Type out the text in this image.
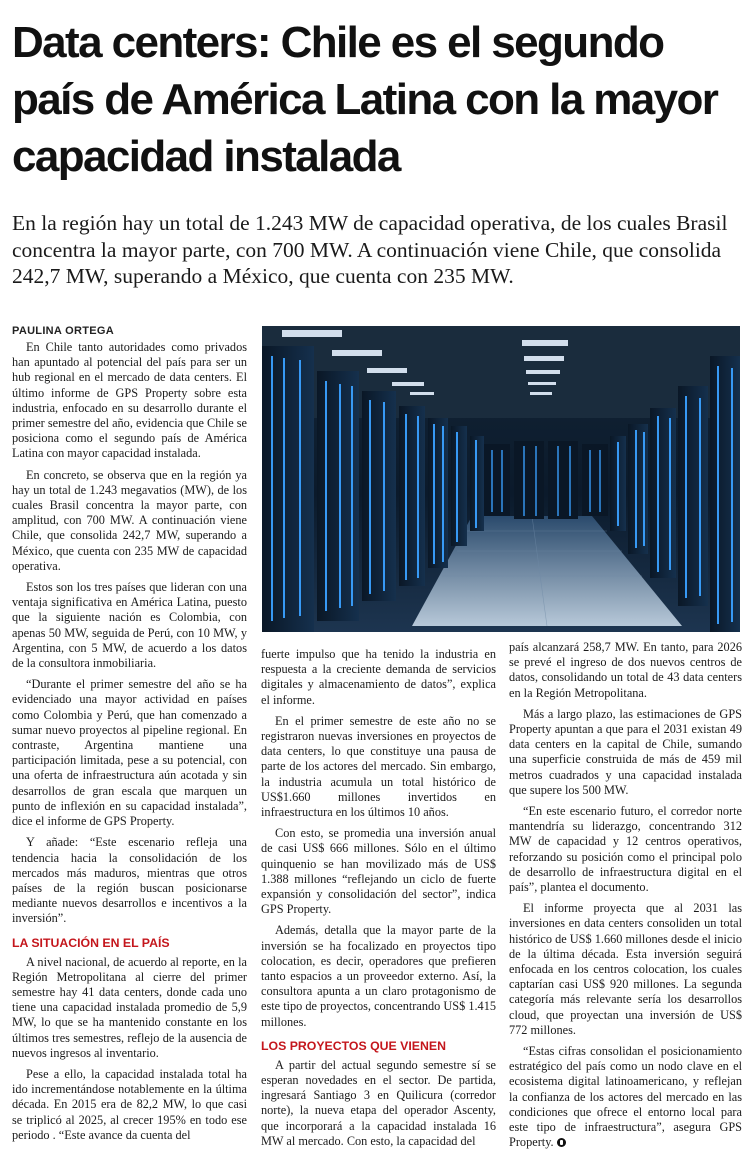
Data centers: Chile es el segundo país de América Latina con la mayor capacidad instalada

En la región hay un total de 1.243 MW de capacidad operativa, de los cuales Brasil concentra la mayor parte, con 700 MW. A continuación viene Chile, que consolida 242,7 MW, superando a México, que cuenta con 235 MW.

PAULINA ORTEGA

En Chile tanto autoridades como privados han apuntado al potencial del país para ser un hub regional en el mercado de data centers. El último informe de GPS Property sobre esta industria, enfocado en su desarrollo durante el primer semestre del año, evidencia que Chile se posiciona como el segundo país de América Latina con mayor capacidad instalada.

En concreto, se observa que en la región ya hay un total de 1.243 megavatios (MW), de los cuales Brasil concentra la mayor parte, con amplitud, con 700 MW. A continuación viene Chile, que consolida 242,7 MW, superando a México, que cuenta con 235 MW de capacidad operativa.

Estos son los tres países que lideran con una ventaja significativa en América Latina, puesto que la siguiente nación es Colombia, con apenas 50 MW, seguida de Perú, con 10 MW, y Argentina, con 5 MW, de acuerdo a los datos de la consultora inmobiliaria.

“Durante el primer semestre del año se ha evidenciado una mayor actividad en países como Colombia y Perú, que han comenzado a sumar nuevo proyectos al pipeline regional. En contraste, Argentina mantiene una participación limitada, pese a su potencial, con una oferta de infraestructura aún acotada y sin desarrollos de gran escala que marquen un punto de inflexión en su capacidad instalada”, dice el informe de GPS Property.

Y añade: “Este escenario refleja una tendencia hacia la consolidación de los mercados más maduros, mientras que otros países de la región buscan posicionarse mediante nuevos desarrollos e incentivos a la inversión”.

LA SITUACIÓN EN EL PAÍS

A nivel nacional, de acuerdo al reporte, en la Región Metropolitana al cierre del primer semestre hay 41 data centers, donde cada uno tiene una capacidad instalada promedio de 5,9 MW, lo que se ha mantenido constante en los últimos tres semestres, reflejo de la ausencia de nuevos ingresos al inventario.

Pese a ello, la capacidad instalada total ha ido incrementándose notablemente en la última década. En 2015 era de 82,2 MW, lo que casi se triplicó al 2025, al crecer 195% en todo ese periodo . “Este avance da cuenta del

fuerte impulso que ha tenido la industria en respuesta a la creciente demanda de servicios digitales y almacenamiento de datos”, explica el informe.

En el primer semestre de este año no se registraron nuevas inversiones en proyectos de data centers, lo que constituye una pausa de parte de los actores del mercado. Sin embargo, la industria acumula un total histórico de US$1.660 millones invertidos en infraestructura en los últimos 10 años.

Con esto, se promedia una inversión anual de casi US$ 666 millones. Sólo en el último quinquenio se han movilizado más de US$ 1.388 millones “reflejando un ciclo de fuerte expansión y consolidación del sector”, indica GPS Property.

Además, detalla que la mayor parte de la inversión se ha focalizado en proyectos tipo colocation, es decir, operadores que prefieren tanto espacios a un proveedor externo. Así, la consultora apunta a un claro protagonismo de este tipo de proyectos, concentrando US$ 1.415 millones.

LOS PROYECTOS QUE VIENEN

A partir del actual segundo semestre sí se esperan novedades en el sector. De partida, ingresará Santiago 3 en Quilicura (corredor norte), la nueva etapa del operador Ascenty, que incorporará a la capacidad instalada 16 MW al mercado. Con esto, la capacidad del

país alcanzará 258,7 MW. En tanto, para 2026 se prevé el ingreso de dos nuevos centros de datos, consolidando un total de 43 data centers en la Región Metropolitana.

Más a largo plazo, las estimaciones de GPS Property apuntan a que para el 2031 existan 49 data centers en la capital de Chile, sumando una superficie construida de más de 459 mil metros cuadrados y una capacidad instalada que supere los 500 MW.

“En este escenario futuro, el corredor norte mantendría su liderazgo, concentrando 312 MW de capacidad y 12 centros operativos, reforzando su posición como el principal polo de desarrollo de infraestructura digital en el país”, plantea el documento.

El informe proyecta que al 2031 las inversiones en data centers consoliden un total histórico de US$ 1.660 millones desde el inicio de la última década. Esta inversión seguirá enfocada en los centros colocation, los cuales captarían casi US$ 920 millones. La segunda categoría más relevante sería los desarrollos cloud, que proyectan una inversión de US$ 772 millones.

“Estas cifras consolidan el posicionamiento estratégico del país como un nodo clave en el ecosistema digital latinoamericano, y reflejan la confianza de los actores del mercado en las condiciones que ofrece el entorno local para este tipo de infraestructura”, asegura GPS Property.
